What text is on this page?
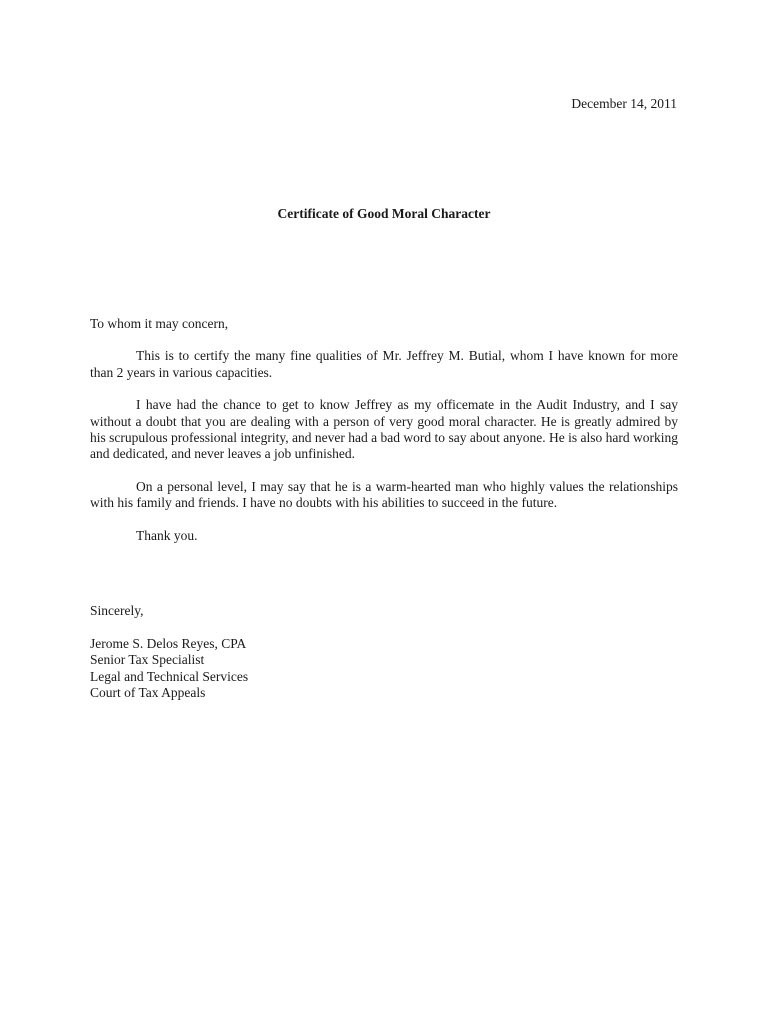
December 14, 2011
Certificate of Good Moral Character

To whom it may concern,

This is to certify the many fine qualities of Mr. Jeffrey M. Butial, whom I have known for more than 2 years in various capacities.

I have had the chance to get to know Jeffrey as my officemate in the Audit Industry, and I say without a doubt that you are dealing with a person of very good moral character. He is greatly admired by his scrupulous professional integrity, and never had a bad word to say about anyone. He is also hard working and dedicated, and never leaves a job unfinished.

On a personal level, I may say that he is a warm-hearted man who highly values the relationships with his family and friends. I have no doubts with his abilities to succeed in the future.

Thank you.

Sincerely,

Jerome S. Delos Reyes, CPA
Senior Tax Specialist
Legal and Technical Services
Court of Tax Appeals
